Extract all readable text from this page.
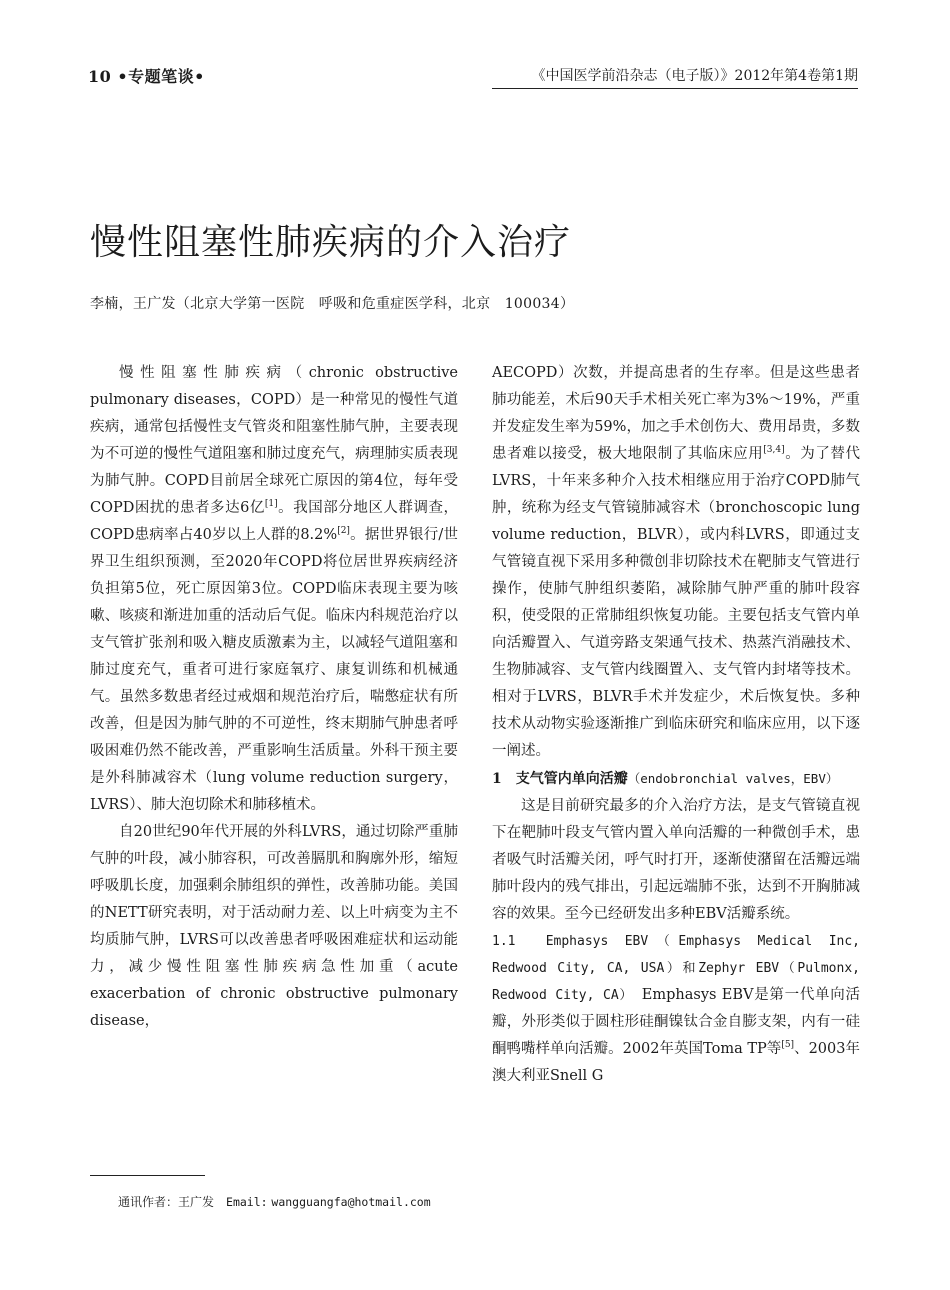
10 •专题笔谈•	《中国医学前沿杂志（电子版）》2012年第4卷第1期
慢性阻塞性肺疾病的介入治疗
李楠，王广发（北京大学第一医院　呼吸和危重症医学科，北京　100034）

慢性阻塞性肺疾病（chronic obstructive pulmonary diseases，COPD）是一种常见的慢性气道疾病，通常包括慢性支气管炎和阻塞性肺气肿，主要表现为不可逆的慢性气道阻塞和肺过度充气，病理肺实质表现为肺气肿。COPD目前居全球死亡原因的第4位，每年受COPD困扰的患者多达6亿[1]。我国部分地区人群调查，COPD患病率占40岁以上人群的8.2%[2]。据世界银行/世界卫生组织预测，至2020年COPD将位居世界疾病经济负担第5位，死亡原因第3位。COPD临床表现主要为咳嗽、咳痰和渐进加重的活动后气促。临床内科规范治疗以支气管扩张剂和吸入糖皮质激素为主，以减轻气道阻塞和肺过度充气，重者可进行家庭氧疗、康复训练和机械通气。虽然多数患者经过戒烟和规范治疗后，喘憋症状有所改善，但是因为肺气肿的不可逆性，终末期肺气肿患者呼吸困难仍然不能改善，严重影响生活质量。外科干预主要是外科肺减容术（lung volume reduction surgery，LVRS）、肺大泡切除术和肺移植术。

自20世纪90年代开展的外科LVRS，通过切除严重肺气肿的叶段，减小肺容积，可改善膈肌和胸廓外形，缩短呼吸肌长度，加强剩余肺组织的弹性，改善肺功能。美国的NETT研究表明，对于活动耐力差、以上叶病变为主不均质肺气肿，LVRS可以改善患者呼吸困难症状和运动能力，减少慢性阻塞性肺疾病急性加重（acute exacerbation of chronic obstructive pulmonary disease，

AECOPD）次数，并提高患者的生存率。但是这些患者肺功能差，术后90天手术相关死亡率为3%～19%，严重并发症发生率为59%，加之手术创伤大、费用昂贵，多数患者难以接受，极大地限制了其临床应用[3,4]。为了替代LVRS，十年来多种介入技术相继应用于治疗COPD肺气肿，统称为经支气管镜肺减容术（bronchoscopic lung volume reduction，BLVR），或内科LVRS，即通过支气管镜直视下采用多种微创非切除技术在靶肺支气管进行操作，使肺气肿组织萎陷，减除肺气肿严重的肺叶段容积，使受限的正常肺组织恢复功能。主要包括支气管内单向活瓣置入、气道旁路支架通气技术、热蒸汽消融技术、生物肺减容、支气管内线圈置入、支气管内封堵等技术。相对于LVRS，BLVR手术并发症少，术后恢复快。多种技术从动物实验逐渐推广到临床研究和临床应用，以下逐一阐述。

1　支气管内单向活瓣（endobronchial valves，EBV）

这是目前研究最多的介入治疗方法，是支气管镜直视下在靶肺叶段支气管内置入单向活瓣的一种微创手术，患者吸气时活瓣关闭，呼气时打开，逐渐使潴留在活瓣远端肺叶段内的残气排出，引起远端肺不张，达到不开胸肺减容的效果。至今已经研发出多种EBV活瓣系统。

1.1　Emphasys EBV（Emphasys Medical Inc, Redwood City, CA, USA）和Zephyr EBV（Pulmonx, Redwood City, CA）　Emphasys EBV是第一代单向活瓣，外形类似于圆柱形硅酮镍钛合金自膨支架，内有一硅酮鸭嘴样单向活瓣。2002年英国Toma TP等[5]、2003年澳大利亚Snell G

通讯作者：王广发　 Email: wangguangfa@hotmail.com
